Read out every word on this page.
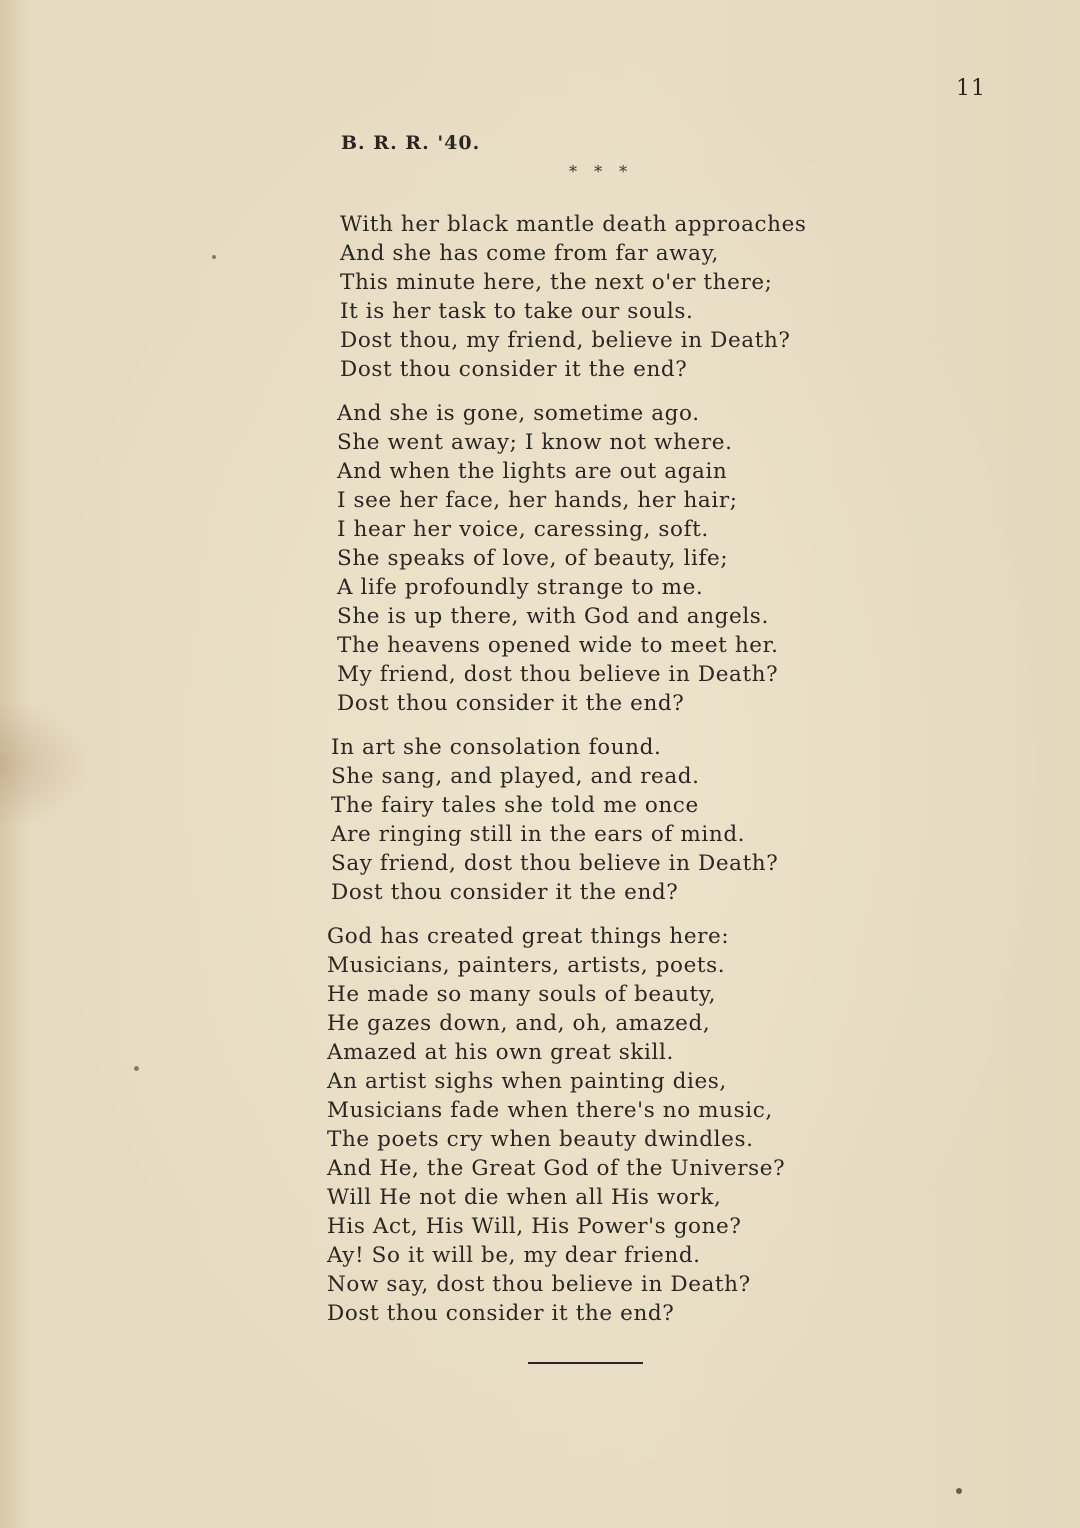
11
B. R. R. '40.
* * *
With her black mantle death approaches
And she has come from far away,
This minute here, the next o'er there;
It is her task to take our souls.
Dost thou, my friend, believe in Death?
Dost thou consider it the end?
And she is gone, sometime ago.
She went away; I know not where.
And when the lights are out again
I see her face, her hands, her hair;
I hear her voice, caressing, soft.
She speaks of love, of beauty, life;
A life profoundly strange to me.
She is up there, with God and angels.
The heavens opened wide to meet her.
My friend, dost thou believe in Death?
Dost thou consider it the end?
In art she consolation found.
She sang, and played, and read.
The fairy tales she told me once
Are ringing still in the ears of mind.
Say friend, dost thou believe in Death?
Dost thou consider it the end?
God has created great things here:
Musicians, painters, artists, poets.
He made so many souls of beauty,
He gazes down, and, oh, amazed,
Amazed at his own great skill.
An artist sighs when painting dies,
Musicians fade when there's no music,
The poets cry when beauty dwindles.
And He, the Great God of the Universe?
Will He not die when all His work,
His Act, His Will, His Power's gone?
Ay! So it will be, my dear friend.
Now say, dost thou believe in Death?
Dost thou consider it the end?
